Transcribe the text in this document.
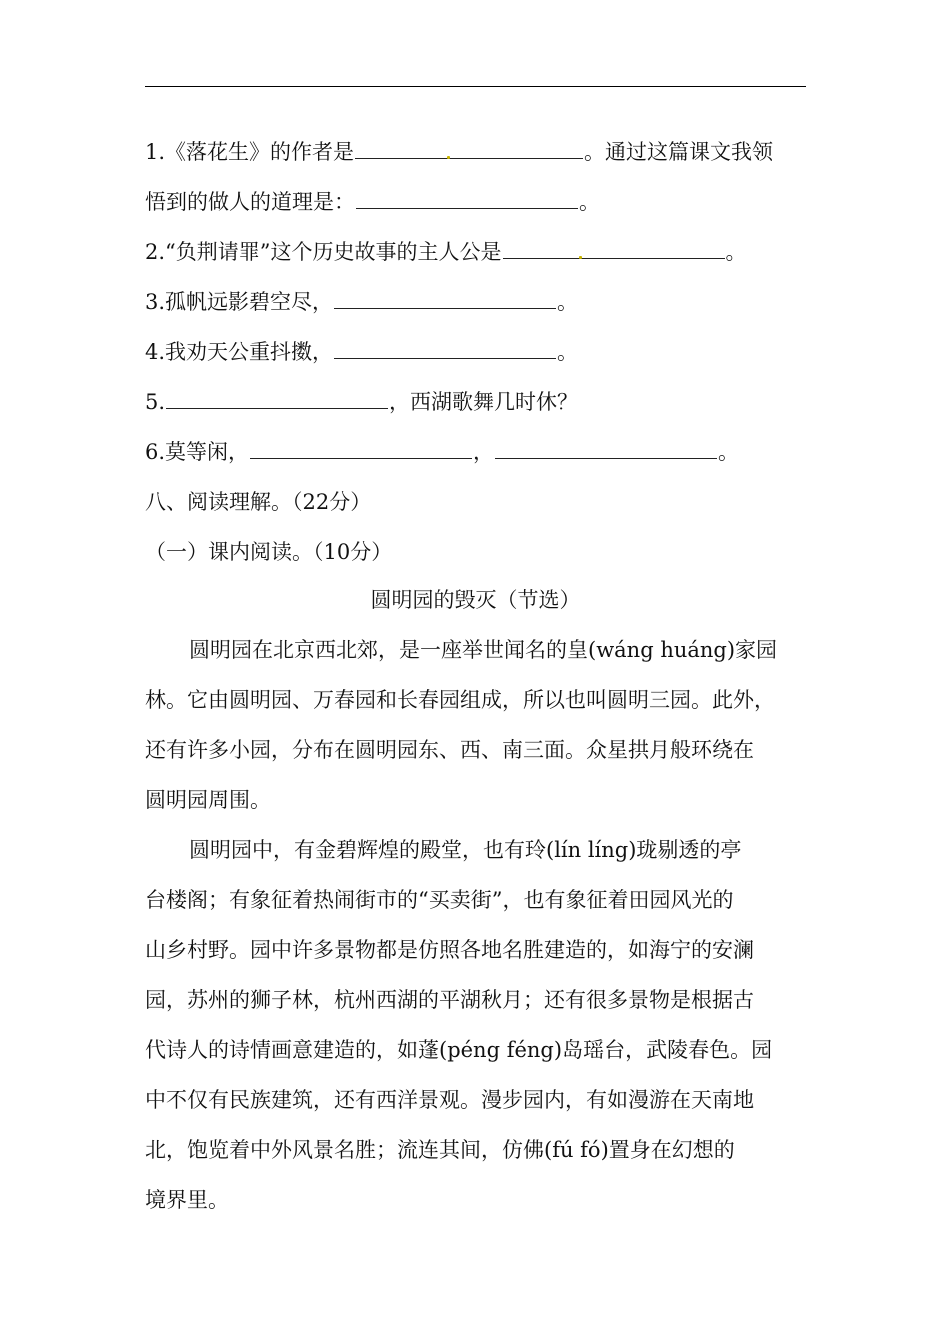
1.《落花生》的作者是	。通过这篇课文我领
悟到的做人的道理是：	。
2.“负荆请罪”这个历史故事的主人公是	。
3.孤帆远影碧空尽，	。
4.我劝天公重抖擞，	。
5.	，西湖歌舞几时休？
6.莫等闲，	，	。
八、阅读理解。（22分）
（一）课内阅读。（10分）
圆明园的毁灭（节选）
圆明园在北京西北郊，是一座举世闻名的皇(wáng huáng)家园
林。它由圆明园、万春园和长春园组成，所以也叫圆明三园。此外，
还有许多小园，分布在圆明园东、西、南三面。众星拱月般环绕在
圆明园周围。
圆明园中，有金碧辉煌的殿堂，也有玲(lín líng)珑剔透的亭
台楼阁；有象征着热闹街市的“买卖街”，也有象征着田园风光的
山乡村野。园中许多景物都是仿照各地名胜建造的，如海宁的安澜
园，苏州的狮子林，杭州西湖的平湖秋月；还有很多景物是根据古
代诗人的诗情画意建造的，如蓬(péng féng)岛瑶台，武陵春色。园
中不仅有民族建筑，还有西洋景观。漫步园内，有如漫游在天南地
北，饱览着中外风景名胜；流连其间，仿佛(fú fó)置身在幻想的
境界里。
